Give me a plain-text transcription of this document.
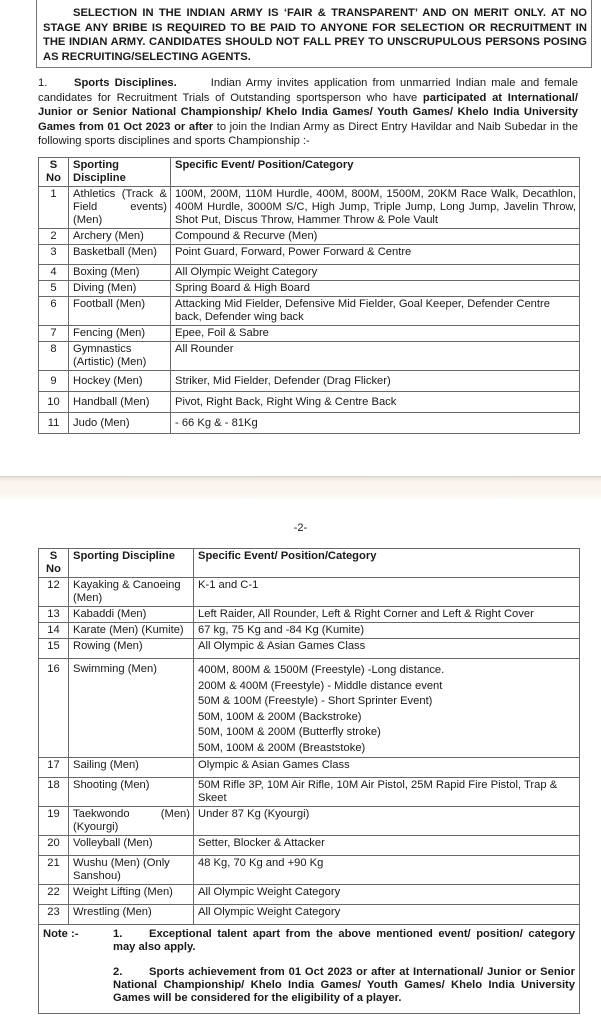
SELECTION IN THE INDIAN ARMY IS ‘FAIR & TRANSPARENT’ AND ON MERIT ONLY. AT NO STAGE ANY BRIBE IS REQUIRED TO BE PAID TO ANYONE FOR SELECTION OR RECRUITMENT IN THE INDIAN ARMY. CANDIDATES SHOULD NOT FALL PREY TO UNSCRUPULOUS PERSONS POSING AS RECRUITING/SELECTING AGENTS.
1. Sports Disciplines.	Indian Army invites application from unmarried Indian male and female candidates for Recruitment Trials of Outstanding sportsperson who have participated at International/ Junior or Senior National Championship/ Khelo India Games/ Youth Games/ Khelo India University Games from 01 Oct 2023 or after to join the Indian Army as Direct Entry Havildar and Naib Subedar in the following sports disciplines and sports Championship :-
S No	Sporting Discipline	Specific Event/ Position/Category
1	Athletics (Track & Field events) (Men)	100M, 200M, 110M Hurdle, 400M, 800M, 1500M, 20KM Race Walk, Decathlon, 400M Hurdle, 3000M S/C, High Jump, Triple Jump, Long Jump, Javelin Throw, Shot Put, Discus Throw, Hammer Throw & Pole Vault
2	Archery (Men)	Compound & Recurve (Men)
3	Basketball (Men)	Point Guard, Forward, Power Forward & Centre
4	Boxing (Men)	All Olympic Weight Category
5	Diving (Men)	Spring Board & High Board
6	Football (Men)	Attacking Mid Fielder, Defensive Mid Fielder, Goal Keeper, Defender Centre back, Defender wing back
7	Fencing (Men)	Epee, Foil & Sabre
8	Gymnastics (Artistic) (Men)	All Rounder
9	Hockey (Men)	Striker, Mid Fielder, Defender (Drag Flicker)
10	Handball (Men)	Pivot, Right Back, Right Wing & Centre Back
11	Judo (Men)	- 66 Kg & - 81Kg
-2-
S No	Sporting Discipline	Specific Event/ Position/Category
12	Kayaking & Canoeing (Men)	K-1 and C-1
13	Kabaddi (Men)	Left Raider, All Rounder, Left & Right Corner and Left & Right Cover
14	Karate (Men) (Kumite)	67 kg, 75 Kg and -84 Kg (Kumite)
15	Rowing (Men)	All Olympic & Asian Games Class
16	Swimming (Men)	400M, 800M & 1500M (Freestyle) -Long distance.
200M & 400M (Freestyle) - Middle distance event
50M & 100M (Freestyle) - Short Sprinter Event)
50M, 100M & 200M (Backstroke)
50M, 100M & 200M (Butterfly stroke)
50M, 100M & 200M (Breaststoke)

17	Sailing (Men)	Olympic & Asian Games Class
18	Shooting (Men)	50M Rifle 3P, 10M Air Rifle, 10M Air Pistol, 25M Rapid Fire Pistol, Trap & Skeet
19	Taekwondo (Men) (Kyourgi)	Under 87 Kg (Kyourgi)
20	Volleyball (Men)	Setter, Blocker & Attacker
21	Wushu (Men) (Only Sanshou)	48 Kg, 70 Kg and +90 Kg
22	Weight Lifting (Men)	All Olympic Weight Category
23	Wrestling (Men)	All Olympic Weight Category
Note :- 1. Exceptional talent apart from the above mentioned event/ position/ category may also apply.

2. Sports achievement from 01 Oct 2023 or after at International/ Junior or Senior National Championship/ Khelo India Games/ Youth Games/ Khelo India University Games will be considered for the eligibility of a player.		
